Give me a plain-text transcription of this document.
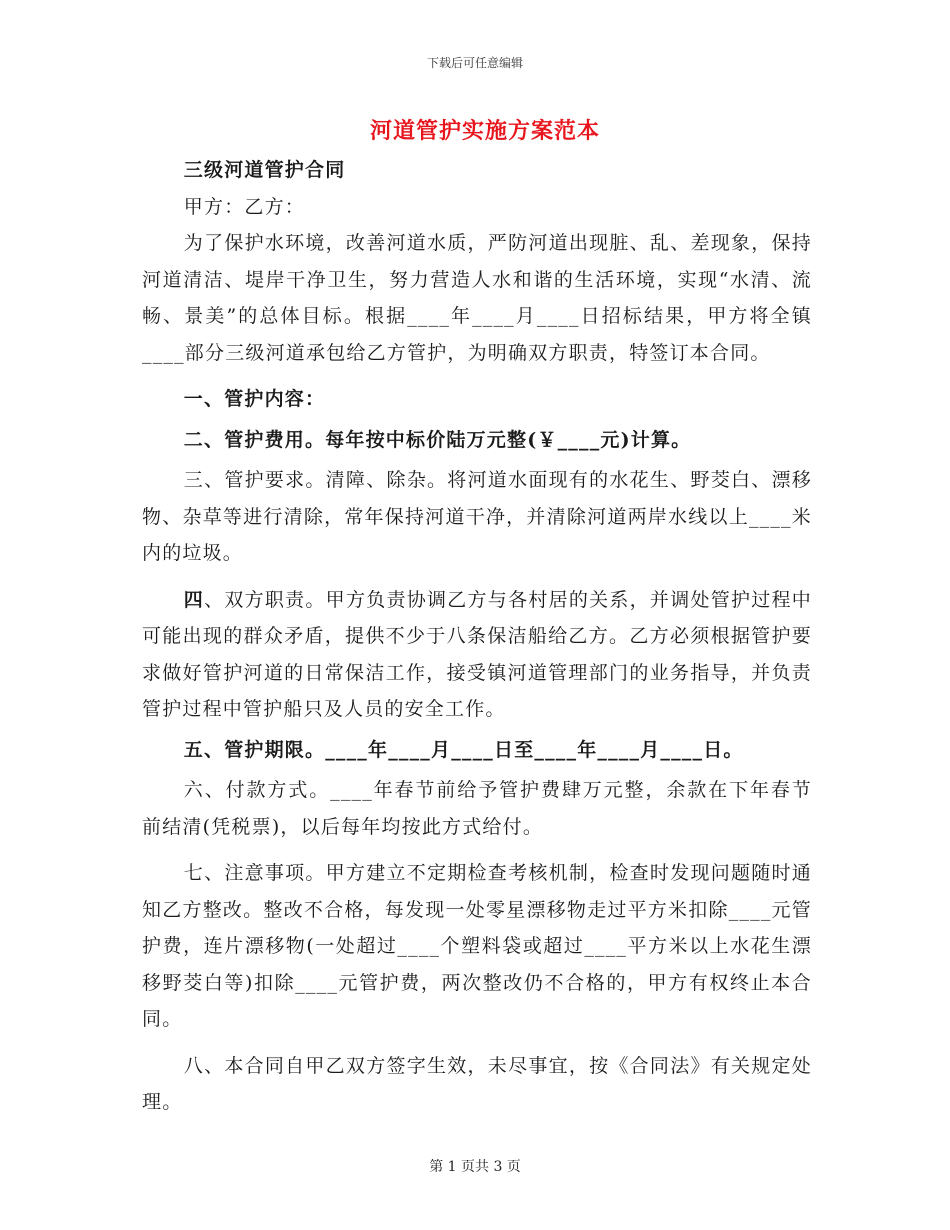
下载后可任意编辑
河道管护实施方案范本

三级河道管护合同

甲方：乙方：

为了保护水环境，改善河道水质，严防河道出现脏、乱、差现象，保持河道清洁、堤岸干净卫生，努力营造人水和谐的生活环境，实现“水清、流畅、景美”的总体目标。根据____年____月____日招标结果，甲方将全镇____部分三级河道承包给乙方管护，为明确双方职责，特签订本合同。

一、管护内容：

二、管护费用。每年按中标价陆万元整(￥____元)计算。

三、管护要求。清障、除杂。将河道水面现有的水花生、野茭白、漂移物、杂草等进行清除，常年保持河道干净，并清除河道两岸水线以上____米内的垃圾。

四、双方职责。甲方负责协调乙方与各村居的关系，并调处管护过程中可能出现的群众矛盾，提供不少于八条保洁船给乙方。乙方必须根据管护要求做好管护河道的日常保洁工作，接受镇河道管理部门的业务指导，并负责管护过程中管护船只及人员的安全工作。

五、管护期限。____年____月____日至____年____月____日。

六、付款方式。____年春节前给予管护费肆万元整，余款在下年春节前结清(凭税票)，以后每年均按此方式给付。

七、注意事项。甲方建立不定期检查考核机制，检查时发现问题随时通知乙方整改。整改不合格，每发现一处零星漂移物走过平方米扣除____元管护费，连片漂移物(一处超过____个塑料袋或超过____平方米以上水花生漂移野茭白等)扣除____元管护费，两次整改仍不合格的，甲方有权终止本合同。

八、本合同自甲乙双方签字生效，未尽事宜，按《合同法》有关规定处理。

第 1 页共 3 页
